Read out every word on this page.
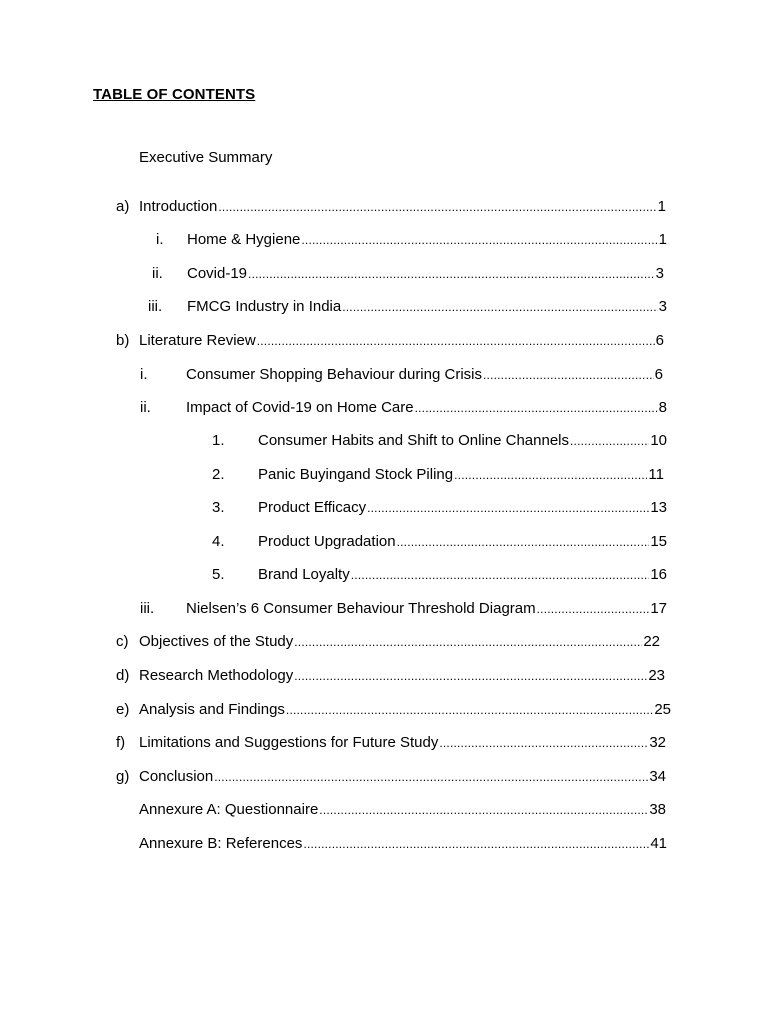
TABLE OF CONTENTS
Executive Summary
a) Introduction .....	1
i. Home & Hygiene .....	1
ii. Covid-19 .....	3
iii. FMCG Industry in India .....	3
b) Literature Review .....	6
i.	Consumer Shopping Behaviour during Crisis .....	6
ii. Impact of Covid-19 on Home Care .....	8
1. Consumer Habits and Shift to Online Channels .....	10
2. Panic Buyingand Stock Piling .....	11
3. Product Efficacy .....	13
4. Product Upgradation .....	15
5. Brand Loyalty .....	16
iii. Nielsen’s 6 Consumer Behaviour Threshold Diagram .....	17
c) Objectives of the Study .....	22
d) Research Methodology .....	23
e) Analysis and Findings .....	25
f) Limitations and Suggestions for Future Study .....	32
g) Conclusion .....	34
Annexure A: Questionnaire .....	38
Annexure B: References .....	41
